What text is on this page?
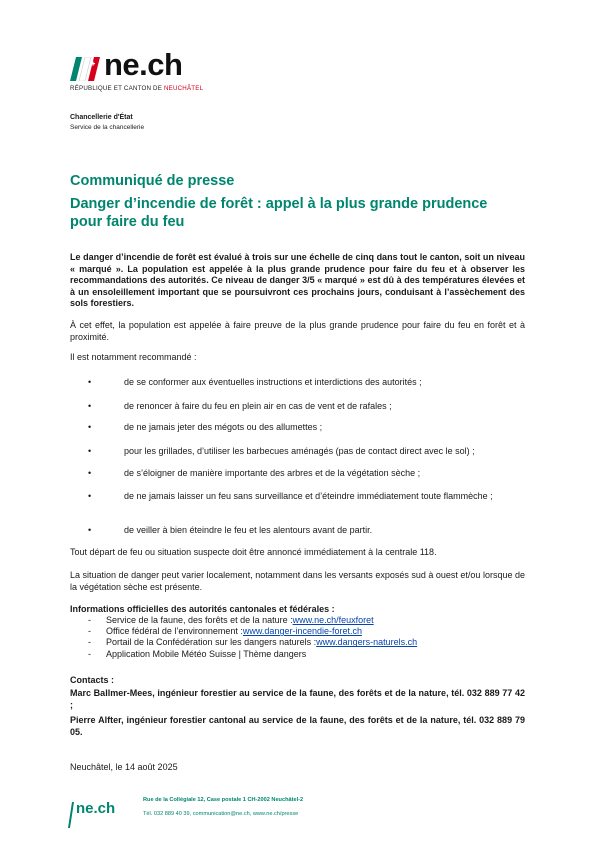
ne.ch
RÉPUBLIQUE ET CANTON DE NEUCHÂTEL
Chancellerie d'État
Service de la chancellerie
Communiqué de presse
Danger d’incendie de forêt : appel à la plus grande prudence pour faire du feu
Le danger d’incendie de forêt est évalué à trois sur une échelle de cinq dans tout le canton, soit un niveau « marqué ». La population est appelée à la plus grande prudence pour faire du feu et à observer les recommandations des autorités. Ce niveau de danger 3/5 « marqué » est dû à des températures élevées et à un ensoleillement important que se poursuivront ces prochains jours, conduisant à l’assèchement des sols forestiers.
À cet effet, la population est appelée à faire preuve de la plus grande prudence pour faire du feu en forêt et à proximité.
Il est notamment recommandé :
•	de se conformer aux éventuelles instructions et interdictions des autorités ;
•	de renoncer à faire du feu en plein air en cas de vent et de rafales ;
•	de ne jamais jeter des mégots ou des allumettes ;
•	pour les grillades, d’utiliser les barbecues aménagés (pas de contact direct avec le sol) ;
•	de s’éloigner de manière importante des arbres et de la végétation sèche ;
•	de ne jamais laisser un feu sans surveillance et d’éteindre immédiatement toute flammèche ;
•	de veiller à bien éteindre le feu et les alentours avant de partir.
Tout départ de feu ou situation suspecte doit être annoncé immédiatement à la centrale 118.
La situation de danger peut varier localement, notamment dans les versants exposés sud à ouest et/ou lorsque de la végétation sèche est présente.
Informations officielles des autorités cantonales et fédérales :
-	Service de la faune, des forêts et de la nature : www.ne.ch/feuxforet
-	Office fédéral de l’environnement : www.danger-incendie-foret.ch
-	Portail de la Confédération sur les dangers naturels : www.dangers-naturels.ch
-	Application Mobile Météo Suisse | Thème dangers
Contacts :
Marc Ballmer-Mees, ingénieur forestier au service de la faune, des forêts et de la nature, tél. 032 889 77 42 ;
Pierre Alfter, ingénieur forestier cantonal au service de la faune, des forêts et de la nature, tél. 032 889 79 05.
Neuchâtel, le 14 août 2025
ne.ch	Rue de la Collégiale 12, Case postale 1 CH-2002 Neuchâtel-2
Tél. 032 889 40 39, communication@ne.ch, www.ne.ch/presse
